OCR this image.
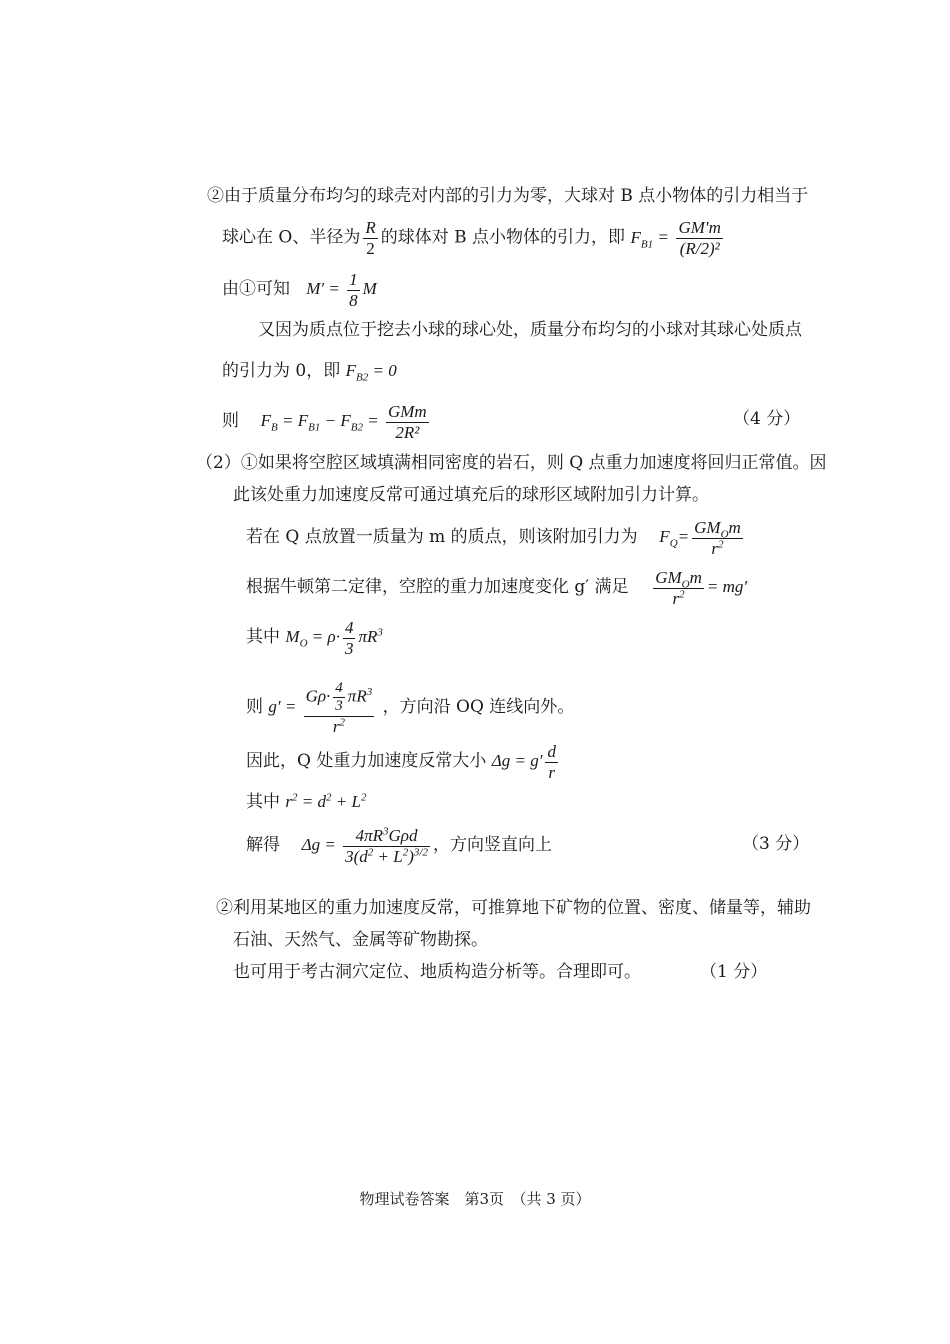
②由于质量分布均匀的球壳对内部的引力为零，大球对 B 点小物体的引力相当于
球心在 O、半径为 $\frac{R}{2}$ 的球体对 B 点小物体的引力，即 $F_{B1} = \frac{GM'm}{\text{(R/2)²}}$
由①可知 $M' = \frac{1}{8}$ M
又因为质点位于挖去小球的球心处，质量分布均匀的小球对其球心处质点
的引力为 0，即 $F_{B2} = 0$
则 $F_B = F_{B1} - F_{B2} = \frac{\text{GMm}}{\text{2R²}}$	（4 分）
（2）①如果将空腔区域填满相同密度的岩石，则 Q 点重力加速度将回归正常值。因
此该处重力加速度反常可通过填充后的球形区域附加引力计算。
若在 Q 点放置一质量为 m 的质点，则该附加引力为 $F_Q= \frac{GM_Om}{r^2}$
根据牛顿第二定律，空腔的重力加速度变化 g′ 满足 $\frac{GM_Om}{r^2} = mg'$
其中 $M_O = \rho\cdot \frac{4}{3} \pi R^3$
则 $g' = \frac{G\rho\cdot \frac{4}{3} \pi R^3}{r^2}$ ，方向沿 OQ 连线向外。
因此，Q 处重力加速度反常大小 $\Delta g = g' \frac{d}{r}$
其中 $r^2 = d^2 + L^2$
解得 $\Delta g = \frac{4\pi R^3G\rho d}{3(d^2 + L^2)^{3/2}}$ ，方向竖直向上	（3 分）
②利用某地区的重力加速度反常，可推算地下矿物的位置、密度、储量等，辅助
石油、天然气、金属等矿物勘探。
也可用于考古洞穴定位、地质构造分析等。合理即可。	（1 分）
物理试卷答案　第3页　（共 3 页）
